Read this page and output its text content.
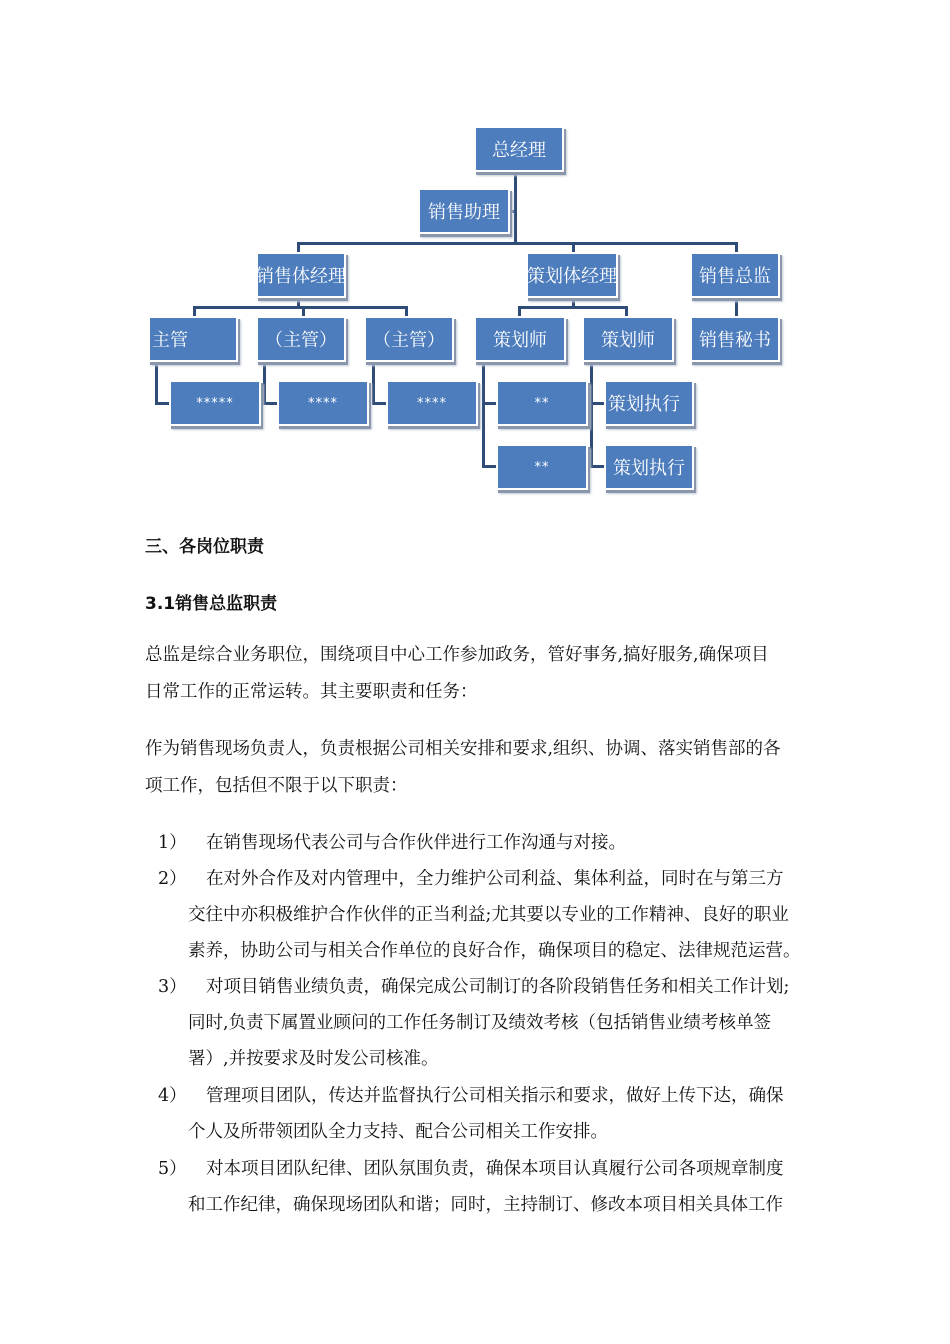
总经理
销售助理
销售体经理	策划体经理	销售总监
主管	（主管）	（主管）	策划师	策划师	销售秘书
*****	****	****	**
**
策划执行
策划执行

三、各岗位职责

3.1销售总监职责

总监是综合业务职位，围绕项目中心工作参加政务，管好事务,搞好服务,确保项目
日常工作的正常运转。其主要职责和任务：
作为销售现场负责人，负责根据公司相关安排和要求,组织、协调、落实销售部的各
项工作，包括但不限于以下职责：
1）	在销售现场代表公司与合作伙伴进行工作沟通与对接。
2）	在对外合作及对内管理中，全力维护公司利益、集体利益，同时在与第三方
交往中亦积极维护合作伙伴的正当利益;尤其要以专业的工作精神、良好的职业
素养，协助公司与相关合作单位的良好合作，确保项目的稳定、法律规范运营。
3）	对项目销售业绩负责，确保完成公司制订的各阶段销售任务和相关工作计划;
同时,负责下属置业顾问的工作任务制订及绩效考核（包括销售业绩考核单签
署）,并按要求及时发公司核准。
4）	管理项目团队，传达并监督执行公司相关指示和要求，做好上传下达，确保
个人及所带领团队全力支持、配合公司相关工作安排。
5）	对本项目团队纪律、团队氛围负责，确保本项目认真履行公司各项规章制度
和工作纪律，确保现场团队和谐；同时，主持制订、修改本项目相关具体工作
